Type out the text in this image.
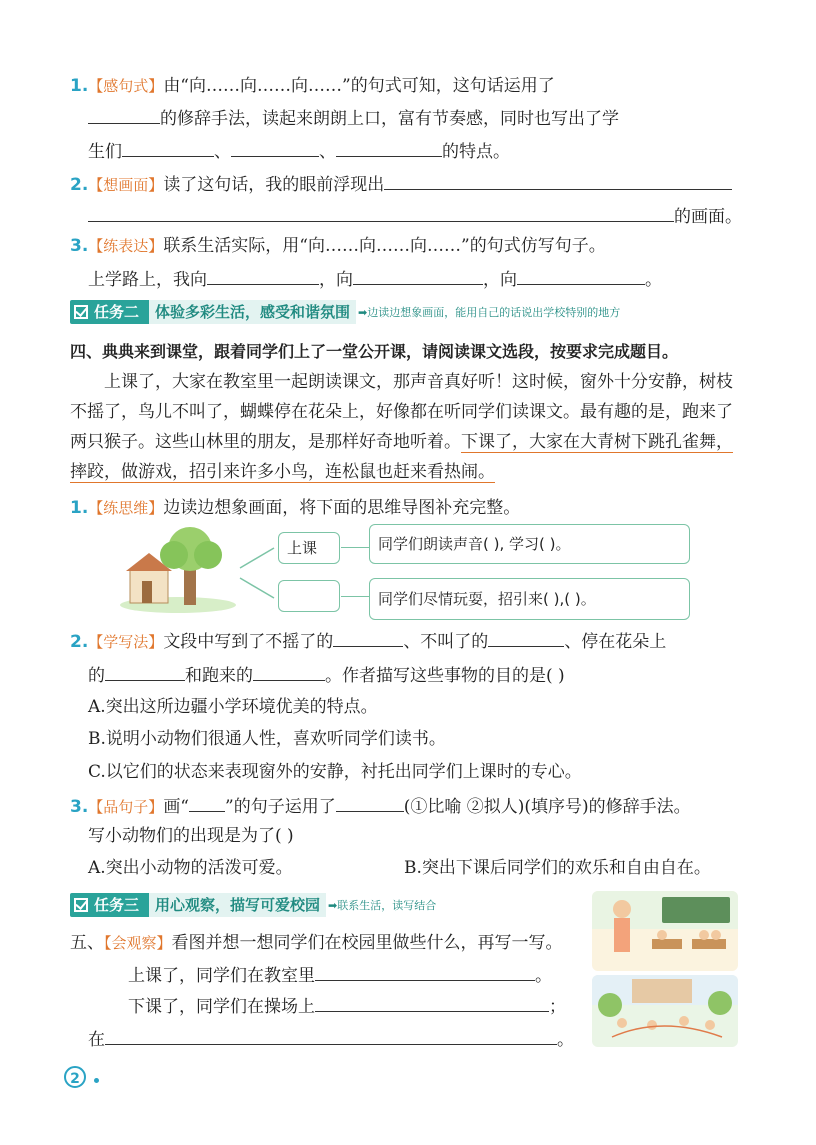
1.【感句式】由“向……向……向……”的句式可知，这句话运用了
的修辞手法，读起来朗朗上口，富有节奏感，同时也写出了学
生们	、	、	的特点。
2.【想画面】读了这句话，我的眼前浮现出
的画面。
3.【练表达】联系生活实际，用“向……向……向……”的句式仿写句子。
上学路上，我向	，向	，向	。
任务二	体验多彩生活，感受和谐氛围 ➡边读边想象画面，能用自己的话说出学校特别的地方
四、典典来到课堂，跟着同学们上了一堂公开课，请阅读课文选段，按要求完成题目。
上课了，大家在教室里一起朗读课文，那声音真好听！这时候，窗外十分安静，树枝不摇了，鸟儿不叫了，蝴蝶停在花朵上，好像都在听同学们读课文。最有趣的是，跑来了两只猴子。这些山林里的朋友，是那样好奇地听着。下课了，大家在大青树下跳孔雀舞，摔跤，做游戏，招引来许多小鸟，连松鼠也赶来看热闹。
1.【练思维】边读边想象画面，将下面的思维导图补充完整。
上课	同学们朗读声音( ), 学习( )。
同学们尽情玩耍，招引来( ),( )。
2.【学写法】文段中写到了不摇了的	、不叫了的	、停在花朵上
的	和跑来的	。作者描写这些事物的目的是( )
A.突出这所边疆小学环境优美的特点。
B.说明小动物们很通人性，喜欢听同学们读书。
C.以它们的状态来表现窗外的安静，衬托出同学们上课时的专心。
3.【品句子】画“ ”的句子运用了	(①比喻 ②拟人)(填序号)的修辞手法。
写小动物们的出现是为了( )
A.突出小动物的活泼可爱。	B.突出下课后同学们的欢乐和自由自在。
任务三	用心观察，描写可爱校园 ➡联系生活，读写结合
五、【会观察】看图并想一想同学们在校园里做些什么，再写一写。
上课了，同学们在教室里	。
下课了，同学们在操场上	；
在	。
2
